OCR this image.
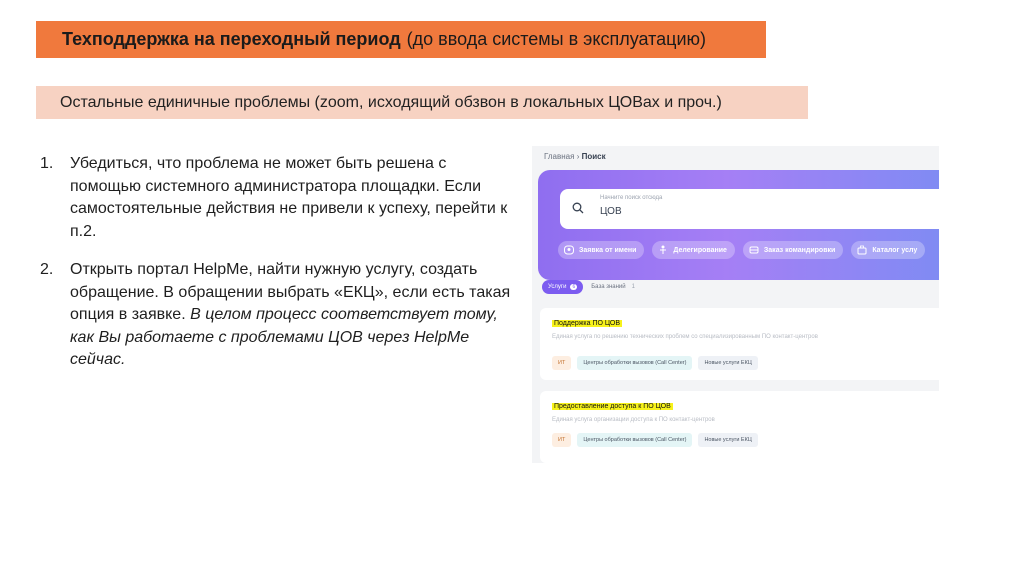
Техподдержка на переходный период (до ввода системы в эксплуатацию)
Остальные единичные проблемы (zoom, исходящий обзвон в локальных ЦОВах и проч.)
1.	Убедиться, что проблема не может быть решена с помощью системного администратора площадки. Если самостоятельные действия не привели к успеху, перейти к п.2.
2.	Открыть портал HelpMe, найти нужную услугу, создать обращение. В обращении выбрать «ЕКЦ», если есть такая опция в заявке. В целом процесс соответствует тому, как Вы работаете с проблемами ЦОВ через HelpMe сейчас.
Главная › Поиск
Начните поиск отсюда
ЦОВ
Заявка от имени	Делегирование	Заказ командировки	Каталог услу
Услуги	6	База знаний 1
Поддержка ПО ЦОВ
Единая услуга по решению технических проблем со специализированным ПО контакт-центров
ИТ	Центры обработки вызовов (Call Center)	Новые услуги ЕКЦ
Предоставление доступа к ПО ЦОВ
Единая услуга организации доступа к ПО контакт-центров
ИТ	Центры обработки вызовов (Call Center)	Новые услуги ЕКЦ
